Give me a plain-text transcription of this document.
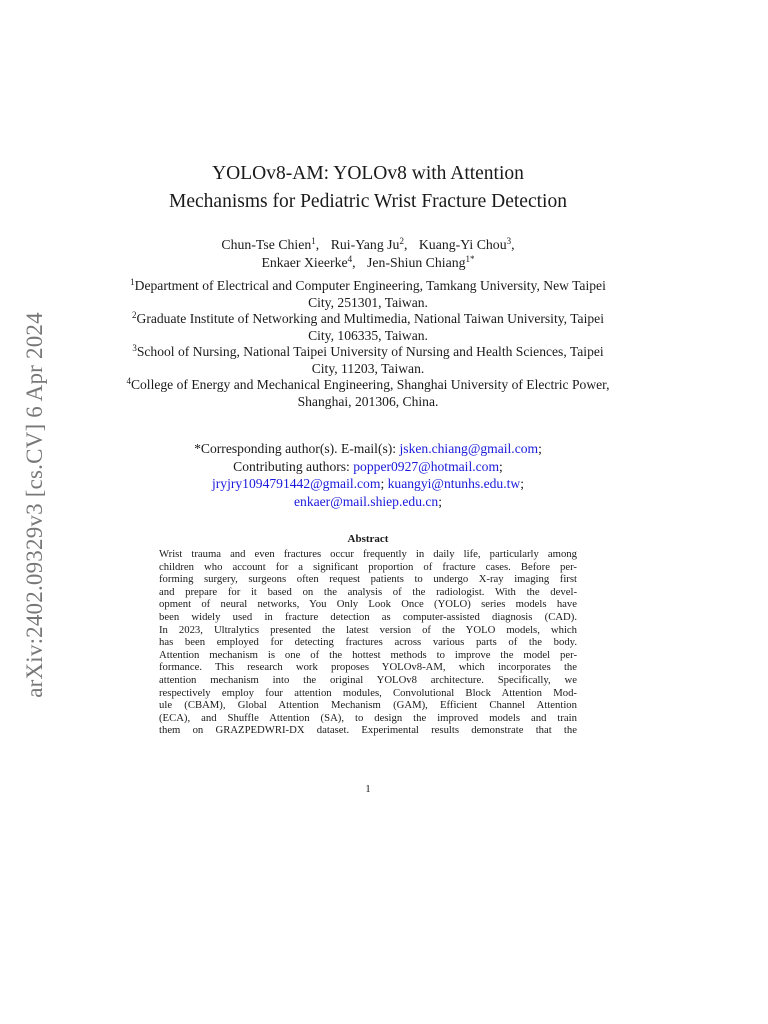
arXiv:2402.09329v3 [cs.CV] 6 Apr 2024
YOLOv8-AM: YOLOv8 with Attention
Mechanisms for Pediatric Wrist Fracture Detection
Chun-Tse Chien$^1$, Rui-Yang Ju$^2$, Kuang-Yi Chou$^3$,
Enkaer Xieerke$^4$, Jen-Shiun Chiang$^{1*}$
$^1$Department of Electrical and Computer Engineering, Tamkang University, New Taipei City, 251301, Taiwan.
$^2$Graduate Institute of Networking and Multimedia, National Taiwan University, Taipei City, 106335, Taiwan.
$^3$School of Nursing, National Taipei University of Nursing and Health Sciences, Taipei City, 11203, Taiwan.
$^4$College of Energy and Mechanical Engineering, Shanghai University of Electric Power, Shanghai, 201306, China.
*Corresponding author(s). E-mail(s): jsken.chiang@gmail.com;
Contributing authors: popper0927@hotmail.com;
jryjry1094791442@gmail.com; kuangyi@ntunhs.edu.tw;
enkaer@mail.shiep.edu.cn;
Abstract
Wrist trauma and even fractures occur frequently in daily life, particularly among
children who account for a significant proportion of fracture cases. Before per-
forming surgery, surgeons often request patients to undergo X-ray imaging first
and prepare for it based on the analysis of the radiologist. With the devel-
opment of neural networks, You Only Look Once (YOLO) series models have
been widely used in fracture detection as computer-assisted diagnosis (CAD).
In 2023, Ultralytics presented the latest version of the YOLO models, which
has been employed for detecting fractures across various parts of the body.
Attention mechanism is one of the hottest methods to improve the model per-
formance. This research work proposes YOLOv8-AM, which incorporates the
attention mechanism into the original YOLOv8 architecture. Specifically, we
respectively employ four attention modules, Convolutional Block Attention Mod-
ule (CBAM), Global Attention Mechanism (GAM), Efficient Channel Attention
(ECA), and Shuffle Attention (SA), to design the improved models and train
them on GRAZPEDWRI-DX dataset. Experimental results demonstrate that the
1
